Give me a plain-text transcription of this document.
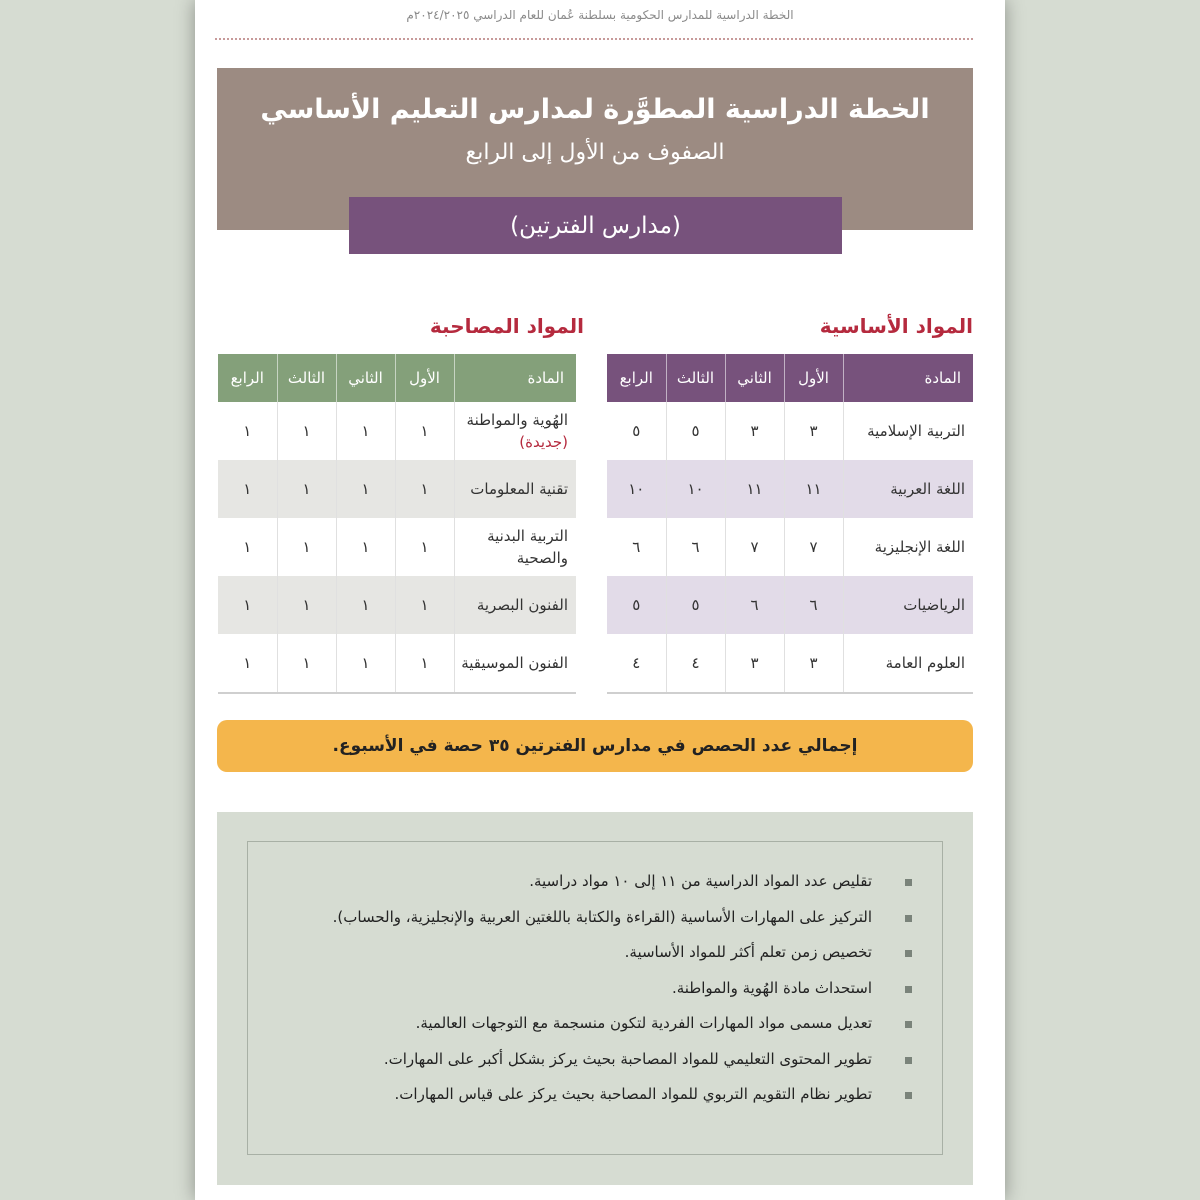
الخطة الدراسية للمدارس الحكومية بسلطنة عُمان للعام الدراسي ٢٠٢٤/٢٠٢٥م
الخطة الدراسية المطوَّرة لمدارس التعليم الأساسي
الصفوف من الأول إلى الرابع
(مدارس الفترتين)
المواد الأساسية
المواد المصاحبة
المادة	الأول	الثاني	الثالث	الرابع
التربية الإسلامية	٣	٣	٥	٥
اللغة العربية	١١	١١	١٠	١٠
اللغة الإنجليزية	٧	٧	٦	٦
الرياضيات	٦	٦	٥	٥
العلوم العامة	٣	٣	٤	٤
المادة	الأول	الثاني	الثالث	الرابع

الهُوية والمواطنة
(جديدة)	١	١	١	١
تقنية المعلومات	١	١	١	١
التربية البدنية والصحية	١	١	١	١
الفنون البصرية	١	١	١	١
الفنون الموسيقية	١	١	١	١
إجمالي عدد الحصص في مدارس الفترتين ٣٥ حصة في الأسبوع.
تقليص عدد المواد الدراسية من ١١ إلى ١٠ مواد دراسية.
التركيز على المهارات الأساسية (القراءة والكتابة باللغتين العربية والإنجليزية، والحساب).
تخصيص زمن تعلم أكثر للمواد الأساسية.
استحداث مادة الهُوية والمواطنة.
تعديل مسمى مواد المهارات الفردية لتكون منسجمة مع التوجهات العالمية.
تطوير المحتوى التعليمي للمواد المصاحبة بحيث يركز بشكل أكبر على المهارات.
تطوير نظام التقويم التربوي للمواد المصاحبة بحيث يركز على قياس المهارات.
